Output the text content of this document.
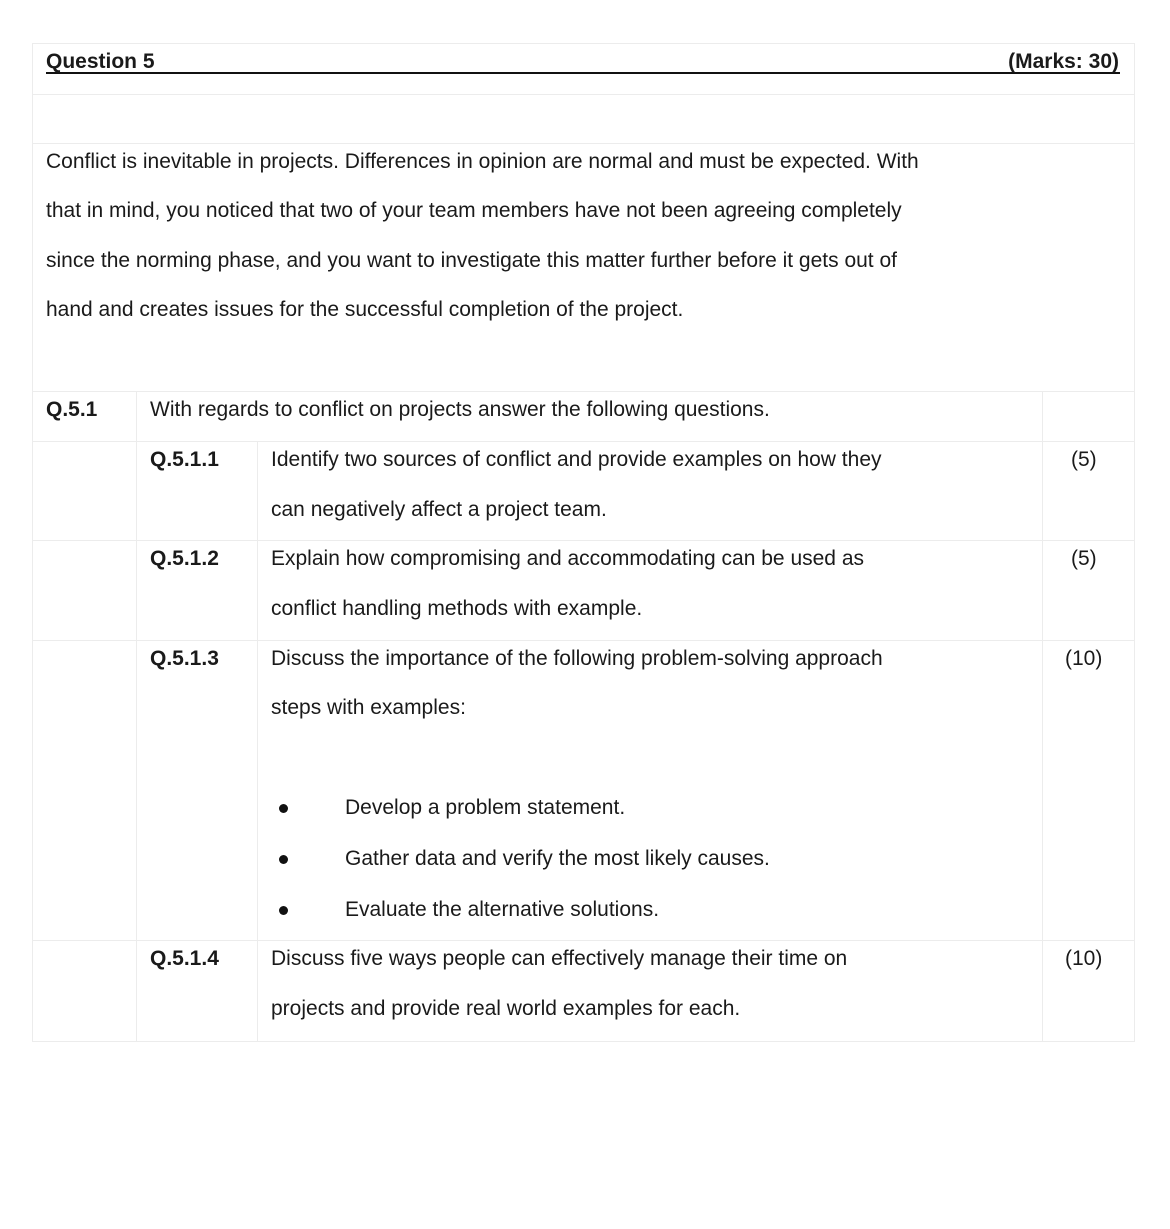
Question 5	(Marks: 30)
Conflict is inevitable in projects. Differences in opinion are normal and must be expected. With
that in mind, you noticed that two of your team members have not been agreeing completely
since the norming phase, and you want to investigate this matter further before it gets out of
hand and creates issues for the successful completion of the project.
Q.5.1	With regards to conflict on projects answer the following questions.
Q.5.1.1 Identify two sources of conflict and provide examples on how they
can negatively affect a project team.
(5)
Q.5.1.2 Explain how compromising and accommodating can be used as
conflict handling methods with example.
(5)
Q.5.1.3 Discuss the importance of the following problem-solving approach
steps with examples:
(10)
Develop a problem statement.
Gather data and verify the most likely causes.
Evaluate the alternative solutions.
Q.5.1.4 Discuss five ways people can effectively manage their time on
projects and provide real world examples for each.
(10)
